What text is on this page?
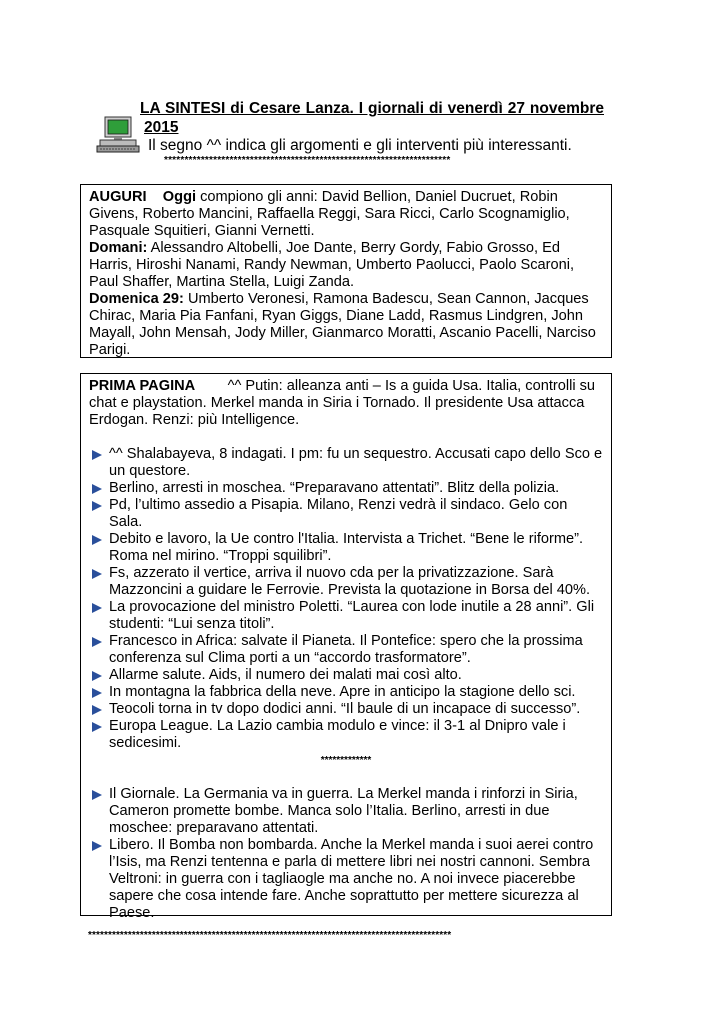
LA SINTESI di Cesare Lanza. I giornali di venerdì 27 novembre
2015
Il segno ^^ indica gli argomenti e gli interventi più interessanti.
**********************************************************************

AUGURI Oggi compiono gli anni: David Bellion, Daniel Ducruet, Robin Givens, Roberto Mancini, Raffaella Reggi, Sara Ricci, Carlo Scognamiglio, Pasquale Squitieri, Gianni Vernetti.

Domani: Alessandro Altobelli, Joe Dante, Berry Gordy, Fabio Grosso, Ed Harris, Hiroshi Nanami, Randy Newman, Umberto Paolucci, Paolo Scaroni, Paul Shaffer, Martina Stella, Luigi Zanda.

Domenica 29: Umberto Veronesi, Ramona Badescu, Sean Cannon, Jacques Chirac, Maria Pia Fanfani, Ryan Giggs, Diane Ladd, Rasmus Lindgren, John Mayall, John Mensah, Jody Miller, Gianmarco Moratti, Ascanio Pacelli, Narciso Parigi.

PRIMA PAGINA ^^ Putin: alleanza anti – Is a guida Usa. Italia, controlli su chat e playstation. Merkel manda in Siria i Tornado. Il presidente Usa attacca Erdogan. Renzi: più Intelligence.

^^ Shalabayeva, 8 indagati. I pm: fu un sequestro. Accusati capo dello Sco e un questore.
Berlino, arresti in moschea. “Preparavano attentati”. Blitz della polizia.
Pd, l’ultimo assedio a Pisapia. Milano, Renzi vedrà il sindaco. Gelo con Sala.
Debito e lavoro, la Ue contro l'Italia. Intervista a Trichet. “Bene le riforme”. Roma nel mirino. “Troppi squilibri”.
Fs, azzerato il vertice, arriva il nuovo cda per la privatizzazione. Sarà Mazzoncini a guidare le Ferrovie. Prevista la quotazione in Borsa del 40%.
La provocazione del ministro Poletti. “Laurea con lode inutile a 28 anni”. Gli studenti: “Lui senza titoli”.
Francesco in Africa: salvate il Pianeta. Il Pontefice: spero che la prossima conferenza sul Clima porti a un “accordo trasformatore”.
Allarme salute. Aids, il numero dei malati mai così alto.
In montagna la fabbrica della neve. Apre in anticipo la stagione dello sci.
Teocoli torna in tv dopo dodici anni. “Il baule di un incapace di successo”.
Europa League. La Lazio cambia modulo e vince: il 3-1 al Dnipro vale i sedicesimi.

*************

Il Giornale. La Germania va in guerra. La Merkel manda i rinforzi in Siria, Cameron promette bombe. Manca solo l’Italia. Berlino, arresti in due moschee: preparavano attentati.
Libero. Il Bomba non bombarda. Anche la Merkel manda i suoi aerei contro l’Isis, ma Renzi tentenna e parla di mettere libri nei nostri cannoni. Sembra Veltroni: in guerra con i tagliaogle ma anche no. A noi invece piacerebbe sapere che cosa intende fare. Anche soprattutto per mettere sicurezza al Paese.
*******************************************************************************************
